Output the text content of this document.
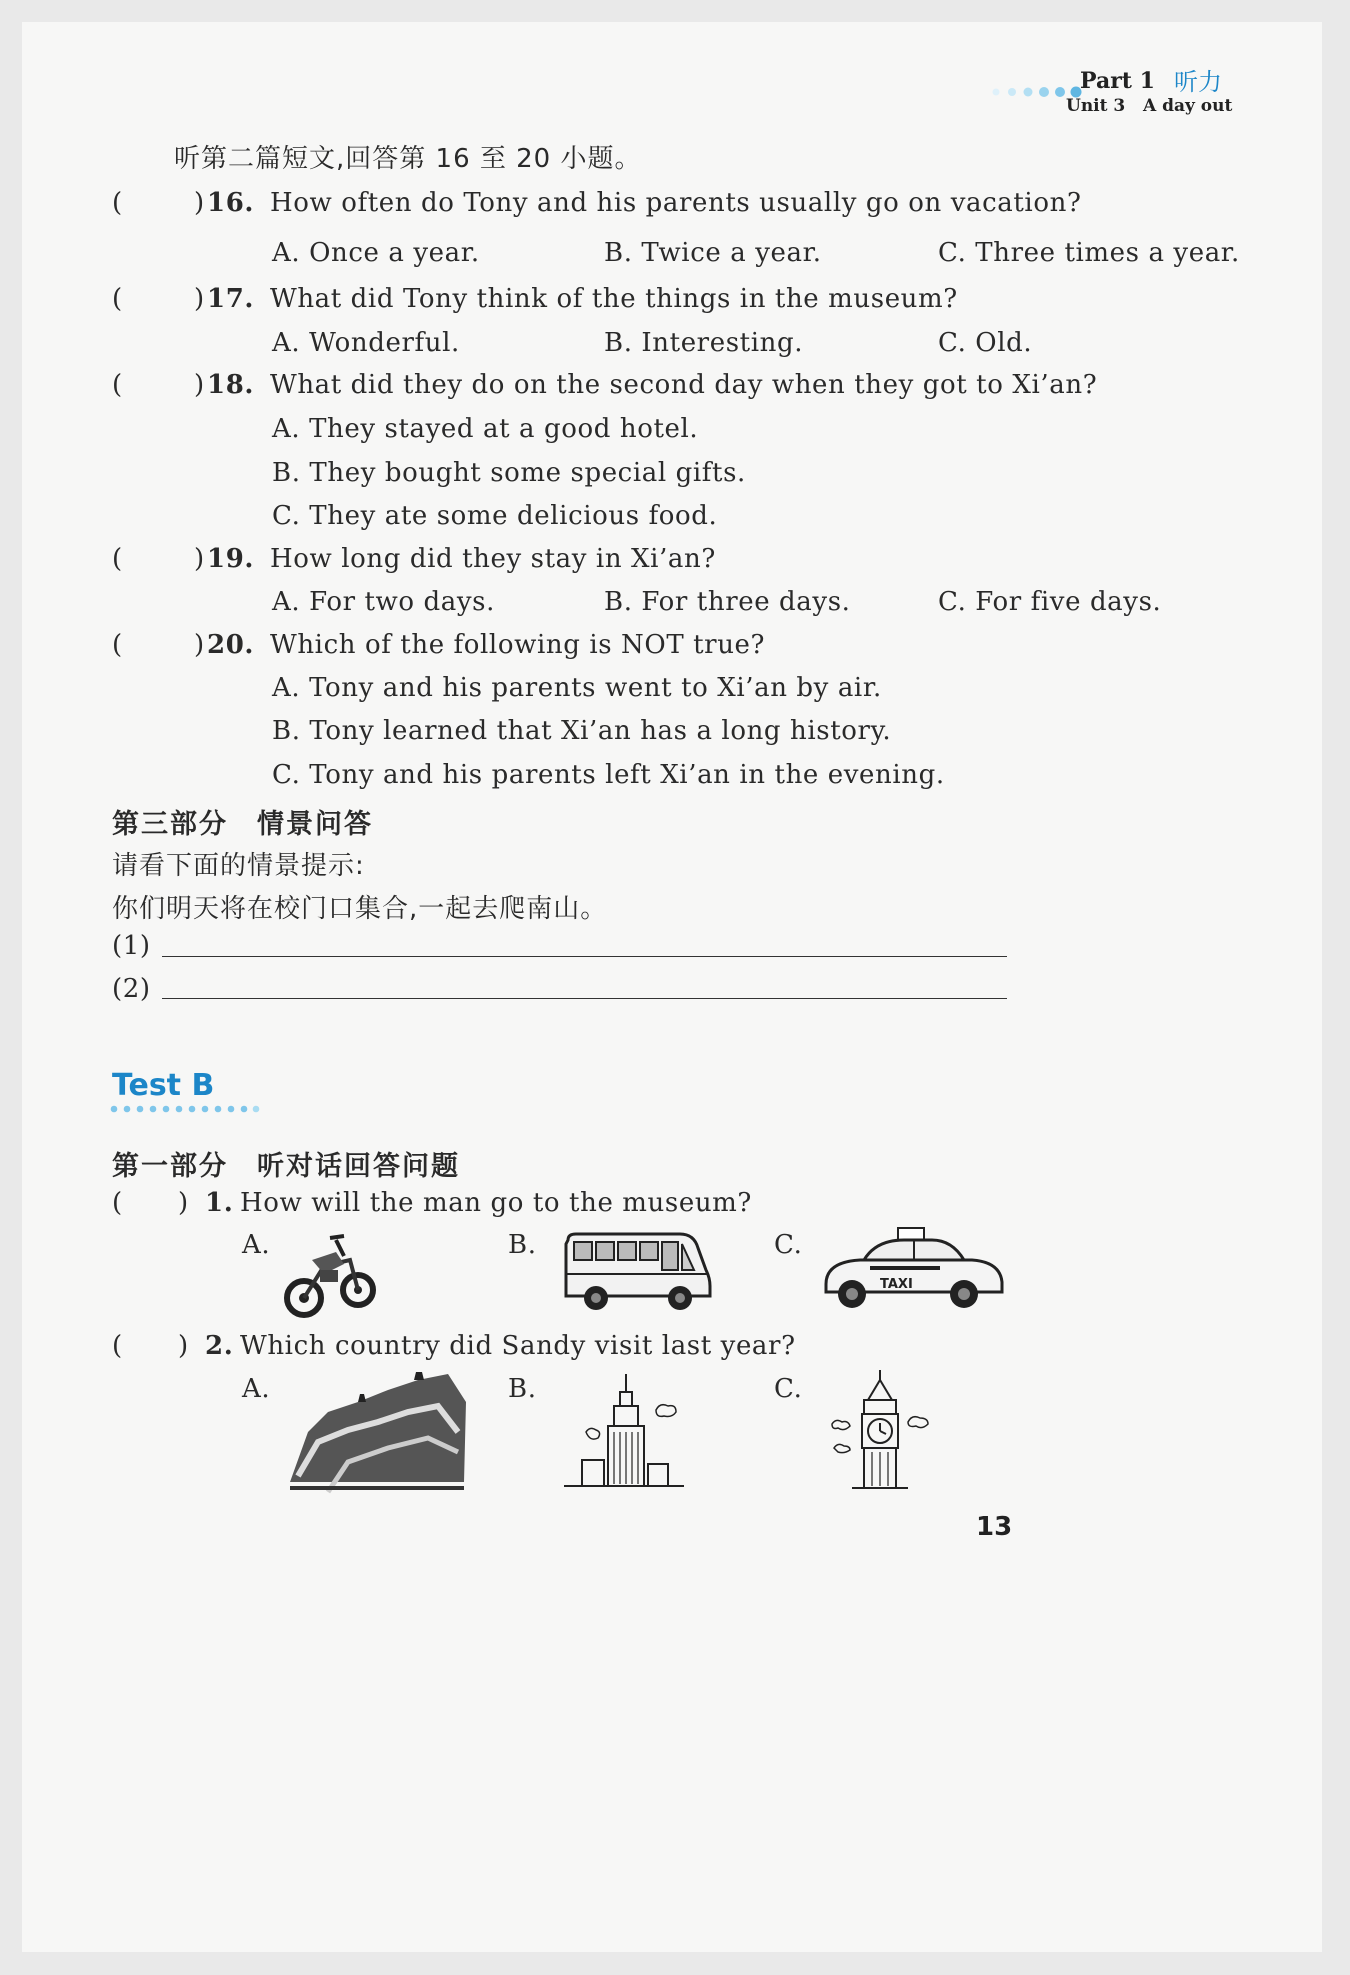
Part 1 听力
Unit 3 A day out
听第二篇短文,回答第 16 至 20 小题。
(	) 16. How often do Tony and his parents usually go on vacation?
A. Once a year.	B. Twice a year.	C. Three times a year.
(	) 17. What did Tony think of the things in the museum?
A. Wonderful.	B. Interesting.	C. Old.
(	) 18. What did they do on the second day when they got to Xi’an?
A. They stayed at a good hotel.
B. They bought some special gifts.
C. They ate some delicious food.
(	) 19. How long did they stay in Xi’an?
A. For two days.	B. For three days.	C. For five days.
(	) 20. Which of the following is NOT true?
A. Tony and his parents went to Xi’an by air.
B. Tony learned that Xi’an has a long history.
C. Tony and his parents left Xi’an in the evening.
第三部分　情景问答
请看下面的情景提示:
你们明天将在校门口集合,一起去爬南山。
(1)
(2)
Test B
第一部分　听对话回答问题
( ) 1. How will the man go to the museum?
A.	B.	C.
TAXI
( ) 2. Which country did Sandy visit last year?
A.	B.	C.
13
